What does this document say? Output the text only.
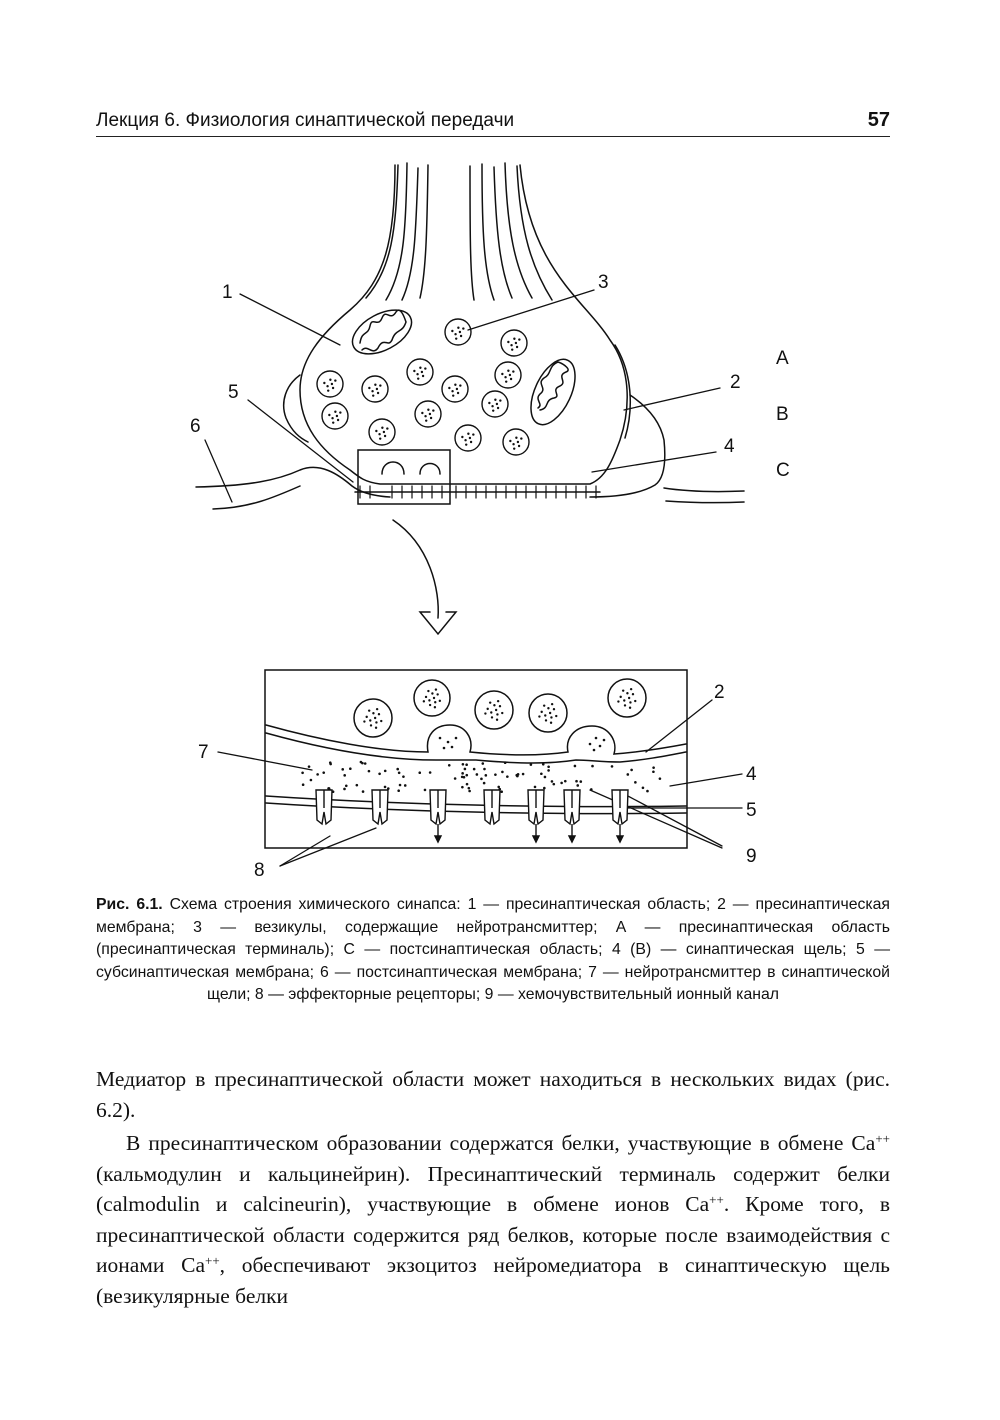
Лекция 6. Физиология синаптической передачи	57
1
2
3
4
5
6
A
B
C
2
4
5
7
8
9
Рис. 6.1. Схема строения химического синапса: 1 — пресинаптическая область; 2 — пресинаптическая мембрана; 3 — везикулы, содержащие нейротрансмиттер; А — пресинаптическая область (пресинаптическая терминаль); С — постсинаптическая область; 4 (В) — синаптическая щель; 5 — субсинаптическая мембрана; 6 — постсинаптическая мембрана; 7 — нейротрансмиттер в синаптической щели; 8 — эффекторные рецепторы; 9 — хемочувствительный ионный канал

Медиатор в пресинаптической области может находиться в нескольких видах (рис. 6.2).

В пресинаптическом образовании содержатся белки, участвующие в обмене Ca++ (кальмодулин и кальцинейрин). Пресинаптический терминаль содержит белки (calmodulin и calcineurin), участвующие в обмене ионов Ca++. Кроме того, в пресинаптической области содержится ряд белков, которые после взаимодействия с ионами Ca++, обеспечивают экзоцитоз нейромедиатора в синаптическую щель (везикулярные белки
